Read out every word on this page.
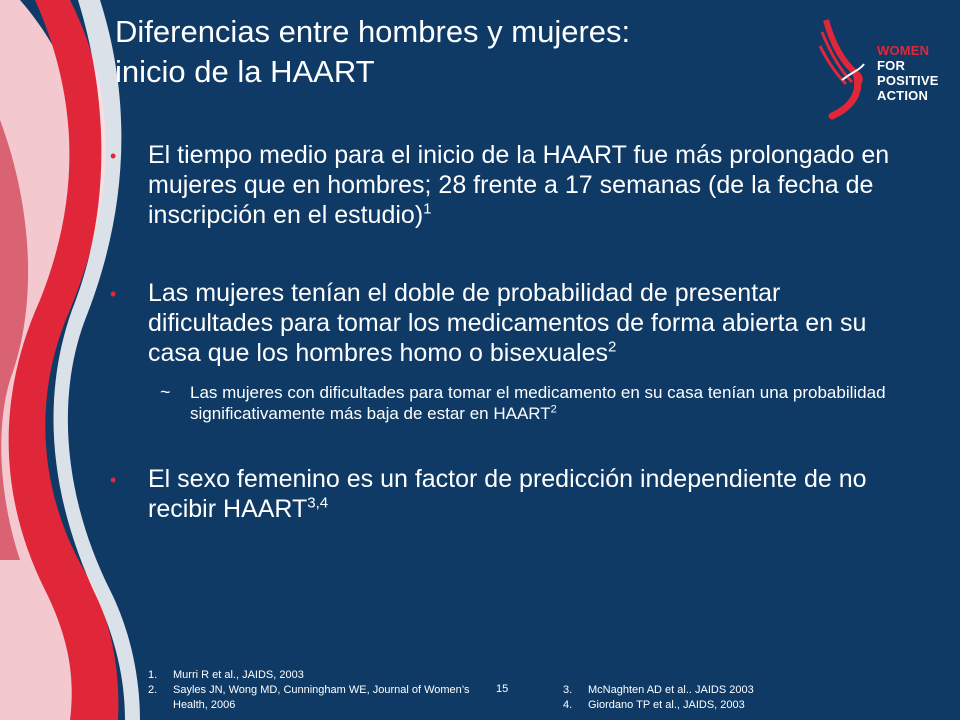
Diferencias entre hombres y mujeres:
inicio de la HAART
WOMEN
FOR
POSITIVE
ACTION
• El tiempo medio para el inicio de la HAART fue más prolongado en mujeres que en hombres; 28 frente a 17 semanas (de la fecha de inscripción en el estudio)$^1$
• Las mujeres tenían el doble de probabilidad de presentar dificultades para tomar los medicamentos de forma abierta en su casa que los hombres homo o bisexuales$^2$
~ Las mujeres con dificultades para tomar el medicamento en su casa tenían una probabilidad significativamente más baja de estar en HAART$^2$
• El sexo femenino es un factor de predicción independiente de no recibir HAART$^{3,4}$
1.	Murri R et al., JAIDS, 2003
2.	Sayles JN, Wong MD, Cunningham WE, Journal of Women’s Health, 2006
15	3.	McNaghten AD et al.. JAIDS 2003
4.	Giordano TP et al., JAIDS, 2003
